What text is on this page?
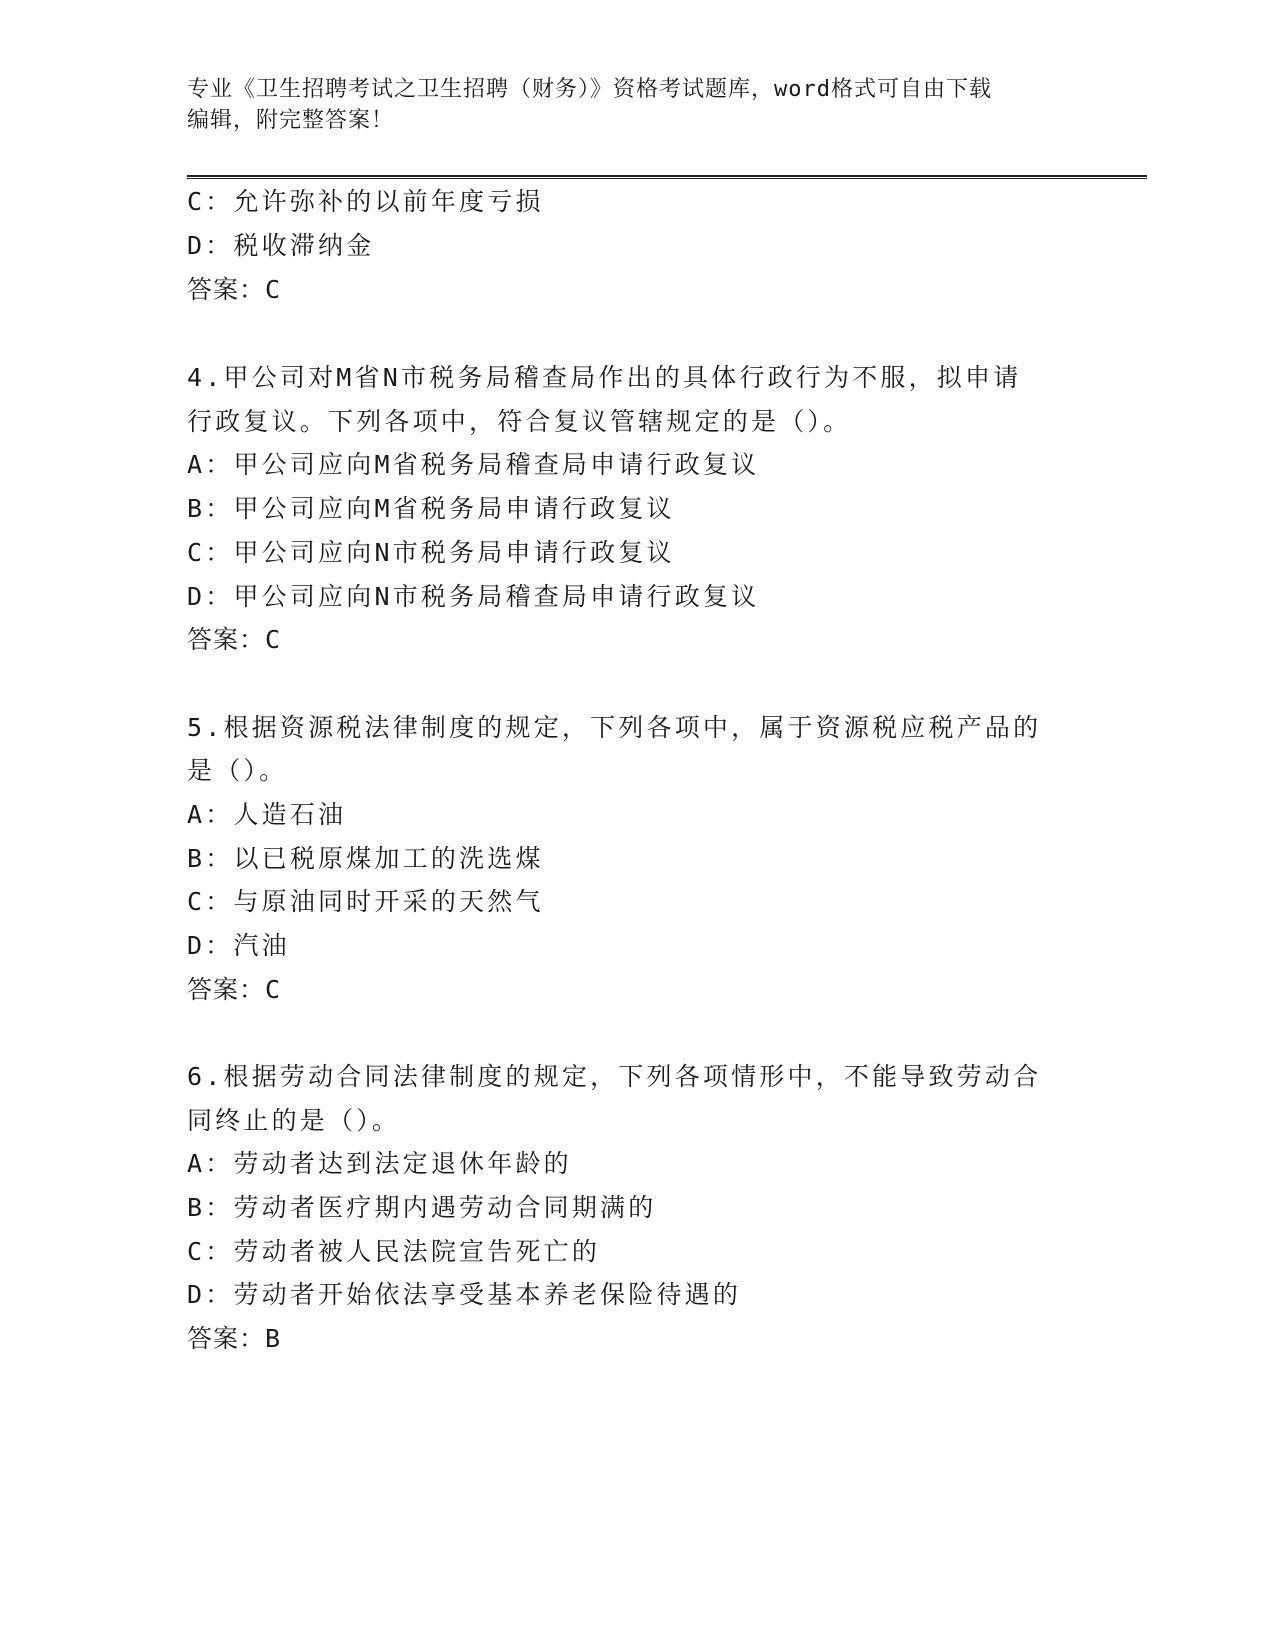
专业《卫生招聘考试之卫生招聘（财务）》资格考试题库，word格式可自由下载
编辑，附完整答案！
C：允许弥补的以前年度亏损
D：税收滞纳金
答案：C
4.甲公司对M省N市税务局稽查局作出的具体行政行为不服，拟申请
行政复议。下列各项中，符合复议管辖规定的是（）。
A：甲公司应向M省税务局稽查局申请行政复议
B：甲公司应向M省税务局申请行政复议
C：甲公司应向N市税务局申请行政复议
D：甲公司应向N市税务局稽查局申请行政复议
答案：C
5.根据资源税法律制度的规定，下列各项中，属于资源税应税产品的
是（）。
A：人造石油
B：以已税原煤加工的洗选煤
C：与原油同时开采的天然气
D：汽油
答案：C
6.根据劳动合同法律制度的规定，下列各项情形中，不能导致劳动合
同终止的是（）。
A：劳动者达到法定退休年龄的
B：劳动者医疗期内遇劳动合同期满的
C：劳动者被人民法院宣告死亡的
D：劳动者开始依法享受基本养老保险待遇的
答案：B
